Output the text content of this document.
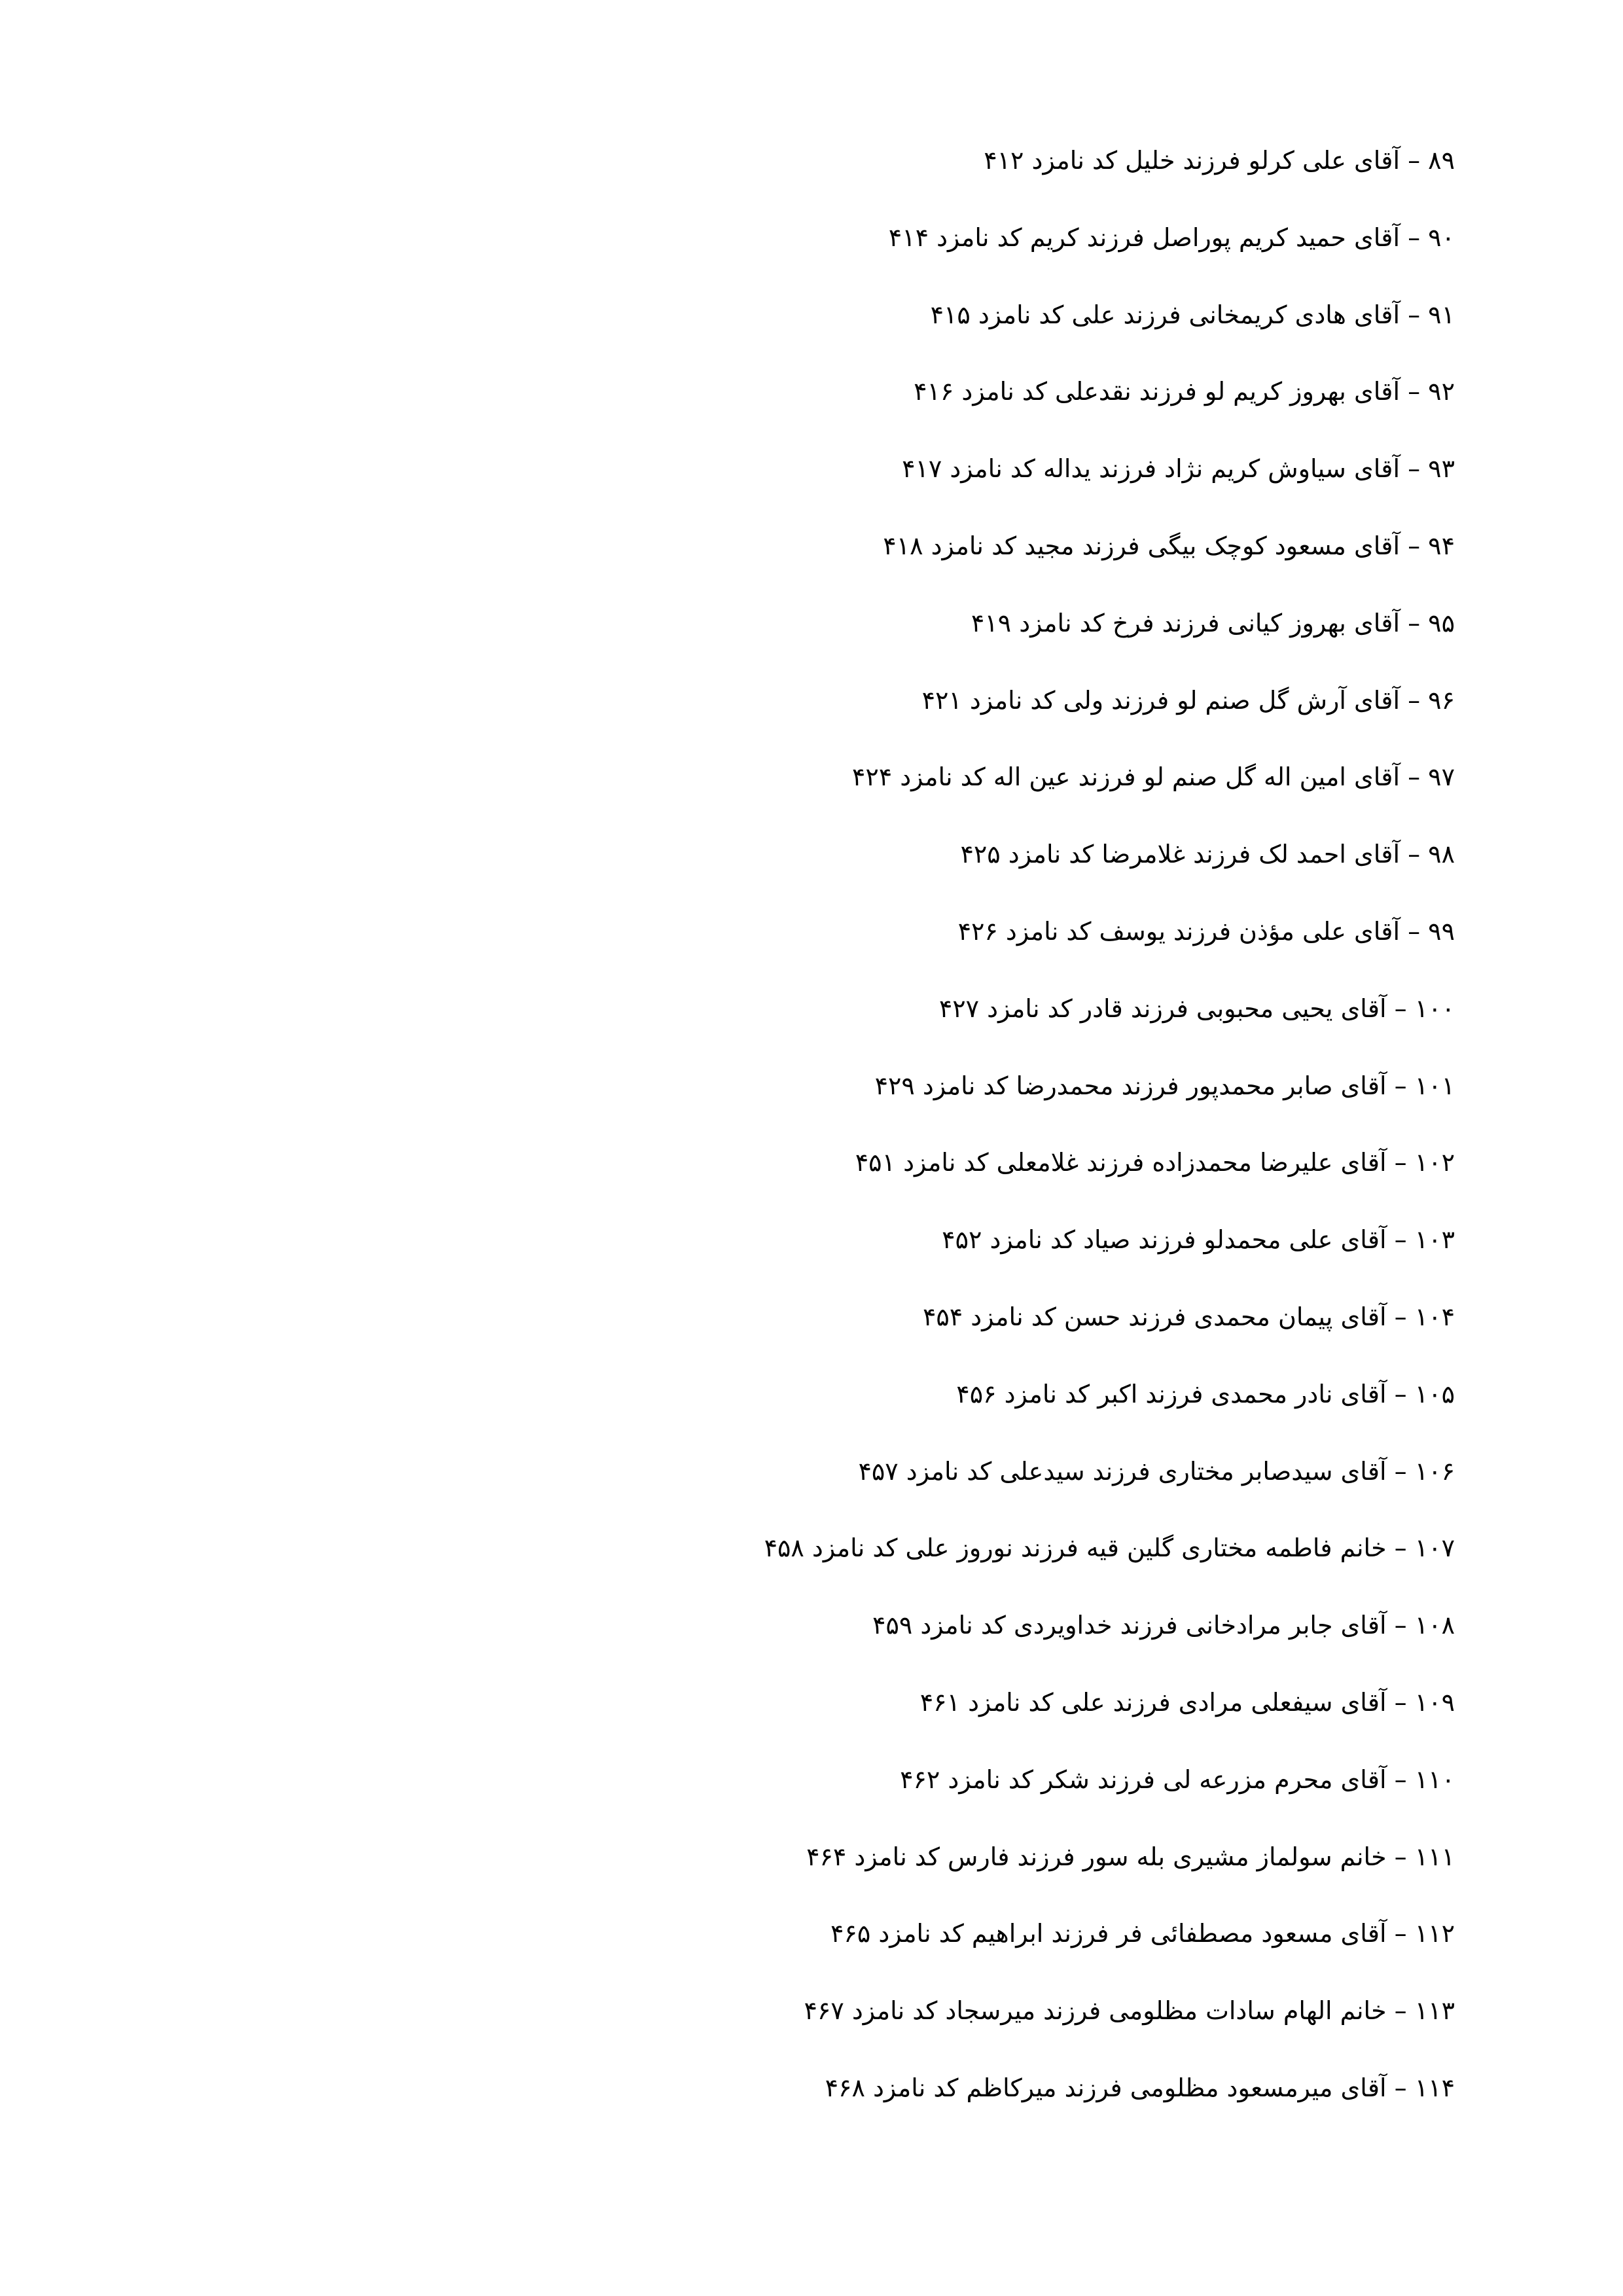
۸۹ – آقای علی کرلو فرزند خلیل کد نامزد ۴۱۲
۹۰ – آقای حمید کریم پوراصل فرزند کریم کد نامزد ۴۱۴
۹۱ – آقای هادی کریمخانی فرزند علی کد نامزد ۴۱۵
۹۲ – آقای بهروز کریم لو فرزند نقدعلی کد نامزد ۴۱۶
۹۳ – آقای سیاوش کریم نژاد فرزند یداله کد نامزد ۴۱۷
۹۴ – آقای مسعود کوچک بیگی فرزند مجید کد نامزد ۴۱۸
۹۵ – آقای بهروز کیانی فرزند فرخ کد نامزد ۴۱۹
۹۶ – آقای آرش گل صنم لو فرزند ولی کد نامزد ۴۲۱
۹۷ – آقای امین اله گل صنم لو فرزند عین اله کد نامزد ۴۲۴
۹۸ – آقای احمد لک فرزند غلامرضا کد نامزد ۴۲۵
۹۹ – آقای علی مؤذن فرزند یوسف کد نامزد ۴۲۶
۱۰۰ – آقای یحیی محبوبی فرزند قادر کد نامزد ۴۲۷
۱۰۱ – آقای صابر محمدپور فرزند محمدرضا کد نامزد ۴۲۹
۱۰۲ – آقای علیرضا محمدزاده فرزند غلامعلی کد نامزد ۴۵۱
۱۰۳ – آقای علی محمدلو فرزند صیاد کد نامزد ۴۵۲
۱۰۴ – آقای پیمان محمدی فرزند حسن کد نامزد ۴۵۴
۱۰۵ – آقای نادر محمدی فرزند اکبر کد نامزد ۴۵۶
۱۰۶ – آقای سیدصابر مختاری فرزند سیدعلی کد نامزد ۴۵۷
۱۰۷ – خانم فاطمه مختاری گلین قیه فرزند نوروز علی کد نامزد ۴۵۸
۱۰۸ – آقای جابر مرادخانی فرزند خداویردی کد نامزد ۴۵۹
۱۰۹ – آقای سیفعلی مرادی فرزند علی کد نامزد ۴۶۱
۱۱۰ – آقای محرم مزرعه لی فرزند شکر کد نامزد ۴۶۲
۱۱۱ – خانم سولماز مشیری بله سور فرزند فارس کد نامزد ۴۶۴
۱۱۲ – آقای مسعود مصطفائی فر فرزند ابراهیم کد نامزد ۴۶۵
۱۱۳ – خانم الهام سادات مظلومی فرزند میرسجاد کد نامزد ۴۶۷
۱۱۴ – آقای میرمسعود مظلومی فرزند میرکاظم کد نامزد ۴۶۸
